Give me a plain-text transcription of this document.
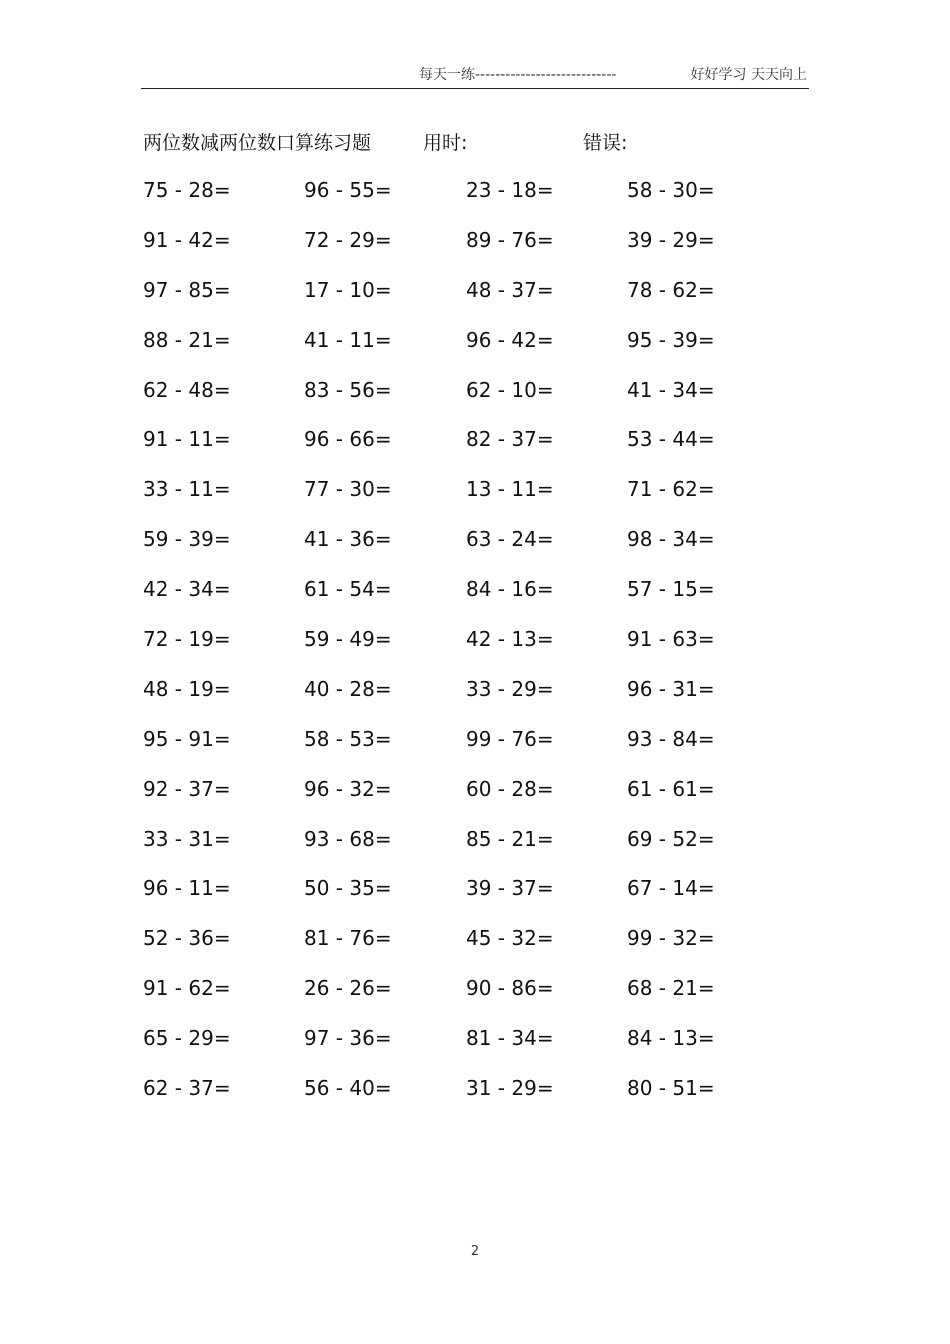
每天一练----------------------------	好好学习 天天向上
两位数减两位数口算练习题	用时:	错误:
75 - 28=	96 - 55=	23 - 18=	58 - 30=
91 - 42=	72 - 29=	89 - 76=	39 - 29=
97 - 85=	17 - 10=	48 - 37=	78 - 62=
88 - 21=	41 - 11=	96 - 42=	95 - 39=
62 - 48=	83 - 56=	62 - 10=	41 - 34=
91 - 11=	96 - 66=	82 - 37=	53 - 44=
33 - 11=	77 - 30=	13 - 11=	71 - 62=
59 - 39=	41 - 36=	63 - 24=	98 - 34=
42 - 34=	61 - 54=	84 - 16=	57 - 15=
72 - 19=	59 - 49=	42 - 13=	91 - 63=
48 - 19=	40 - 28=	33 - 29=	96 - 31=
95 - 91=	58 - 53=	99 - 76=	93 - 84=
92 - 37=	96 - 32=	60 - 28=	61 - 61=
33 - 31=	93 - 68=	85 - 21=	69 - 52=
96 - 11=	50 - 35=	39 - 37=	67 - 14=
52 - 36=	81 - 76=	45 - 32=	99 - 32=
91 - 62=	26 - 26=	90 - 86=	68 - 21=
65 - 29=	97 - 36=	81 - 34=	84 - 13=
62 - 37=	56 - 40=	31 - 29=	80 - 51=
2
